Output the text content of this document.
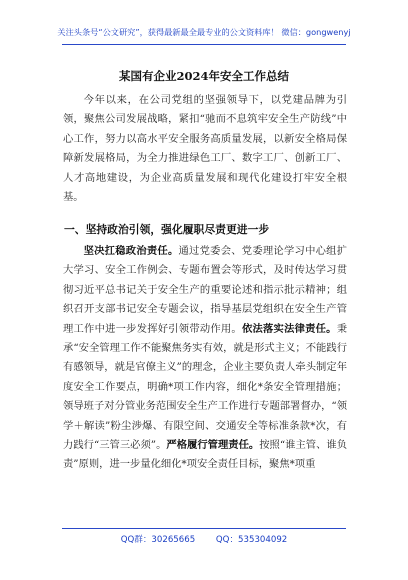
关注头条号“公文研究”，获得最新最全最专业的公文资料库！ 微信：gongwenyj
某国有企业2024年安全工作总结

今年以来，在公司党组的坚强领导下，以党建品牌为引领，聚焦公司发展战略，紧扣“驰而不息筑牢安全生产防线”中心工作，努力以高水平安全服务高质量发展，以新安全格局保障新发展格局，为全力推进绿色工厂、数字工厂、创新工厂、人才高地建设，为企业高质量发展和现代化建设打牢安全根基。

一、坚持政治引领，强化履职尽责更进一步

坚决扛稳政治责任。通过党委会、党委理论学习中心组扩大学习、安全工作例会、专题布置会等形式，及时传达学习贯彻习近平总书记关于安全生产的重要论述和指示批示精神；组织召开支部书记安全专题会议，指导基层党组织在安全生产管理工作中进一步发挥好引领带动作用。依法落实法律责任。秉承“安全管理工作不能聚焦务实有效，就是形式主义；不能践行有感领导，就是官僚主义”的理念，企业主要负责人牵头制定年度安全工作要点，明确*项工作内容，细化*条安全管理措施；领导班子对分管业务范围安全生产工作进行专题部署督办，“领学＋解读”粉尘涉爆、有限空间、交通安全等标准条款*次，有力践行“三管三必须”。严格履行管理责任。按照“谁主管、谁负责”原则，进一步量化细化*项安全责任目标，聚焦*项重

QQ群：30265665 QQ：535304092
